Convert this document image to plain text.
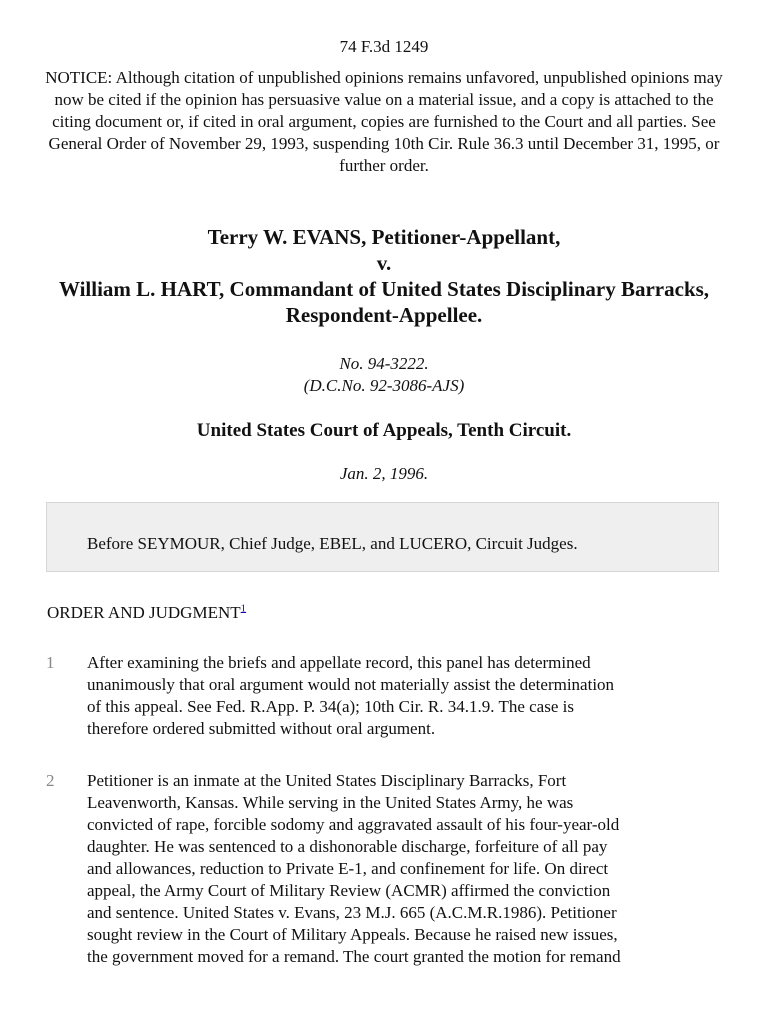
74 F.3d 1249
NOTICE: Although citation of unpublished opinions remains unfavored, unpublished opinions may now be cited if the opinion has persuasive value on a material issue, and a copy is attached to the citing document or, if cited in oral argument, copies are furnished to the Court and all parties. See General Order of November 29, 1993, suspending 10th Cir. Rule 36.3 until December 31, 1995, or further order.
Terry W. EVANS, Petitioner-Appellant,
v.
William L. HART, Commandant of United States Disciplinary Barracks, Respondent-Appellee.
No. 94-3222.
(D.C.No. 92-3086-AJS)
United States Court of Appeals, Tenth Circuit.
Jan. 2, 1996.
Before SEYMOUR, Chief Judge, EBEL, and LUCERO, Circuit Judges.
ORDER AND JUDGMENT$^1$
1 After examining the briefs and appellate record, this panel has determined
unanimously that oral argument would not materially assist the determination
of this appeal. See Fed. R.App. P. 34(a); 10th Cir. R. 34.1.9. The case is
therefore ordered submitted without oral argument.
2 Petitioner is an inmate at the United States Disciplinary Barracks, Fort
Leavenworth, Kansas. While serving in the United States Army, he was
convicted of rape, forcible sodomy and aggravated assault of his four-year-old
daughter. He was sentenced to a dishonorable discharge, forfeiture of all pay
and allowances, reduction to Private E-1, and confinement for life. On direct
appeal, the Army Court of Military Review (ACMR) affirmed the conviction
and sentence. United States v. Evans, 23 M.J. 665 (A.C.M.R.1986). Petitioner
sought review in the Court of Military Appeals. Because he raised new issues,
the government moved for a remand. The court granted the motion for remand
